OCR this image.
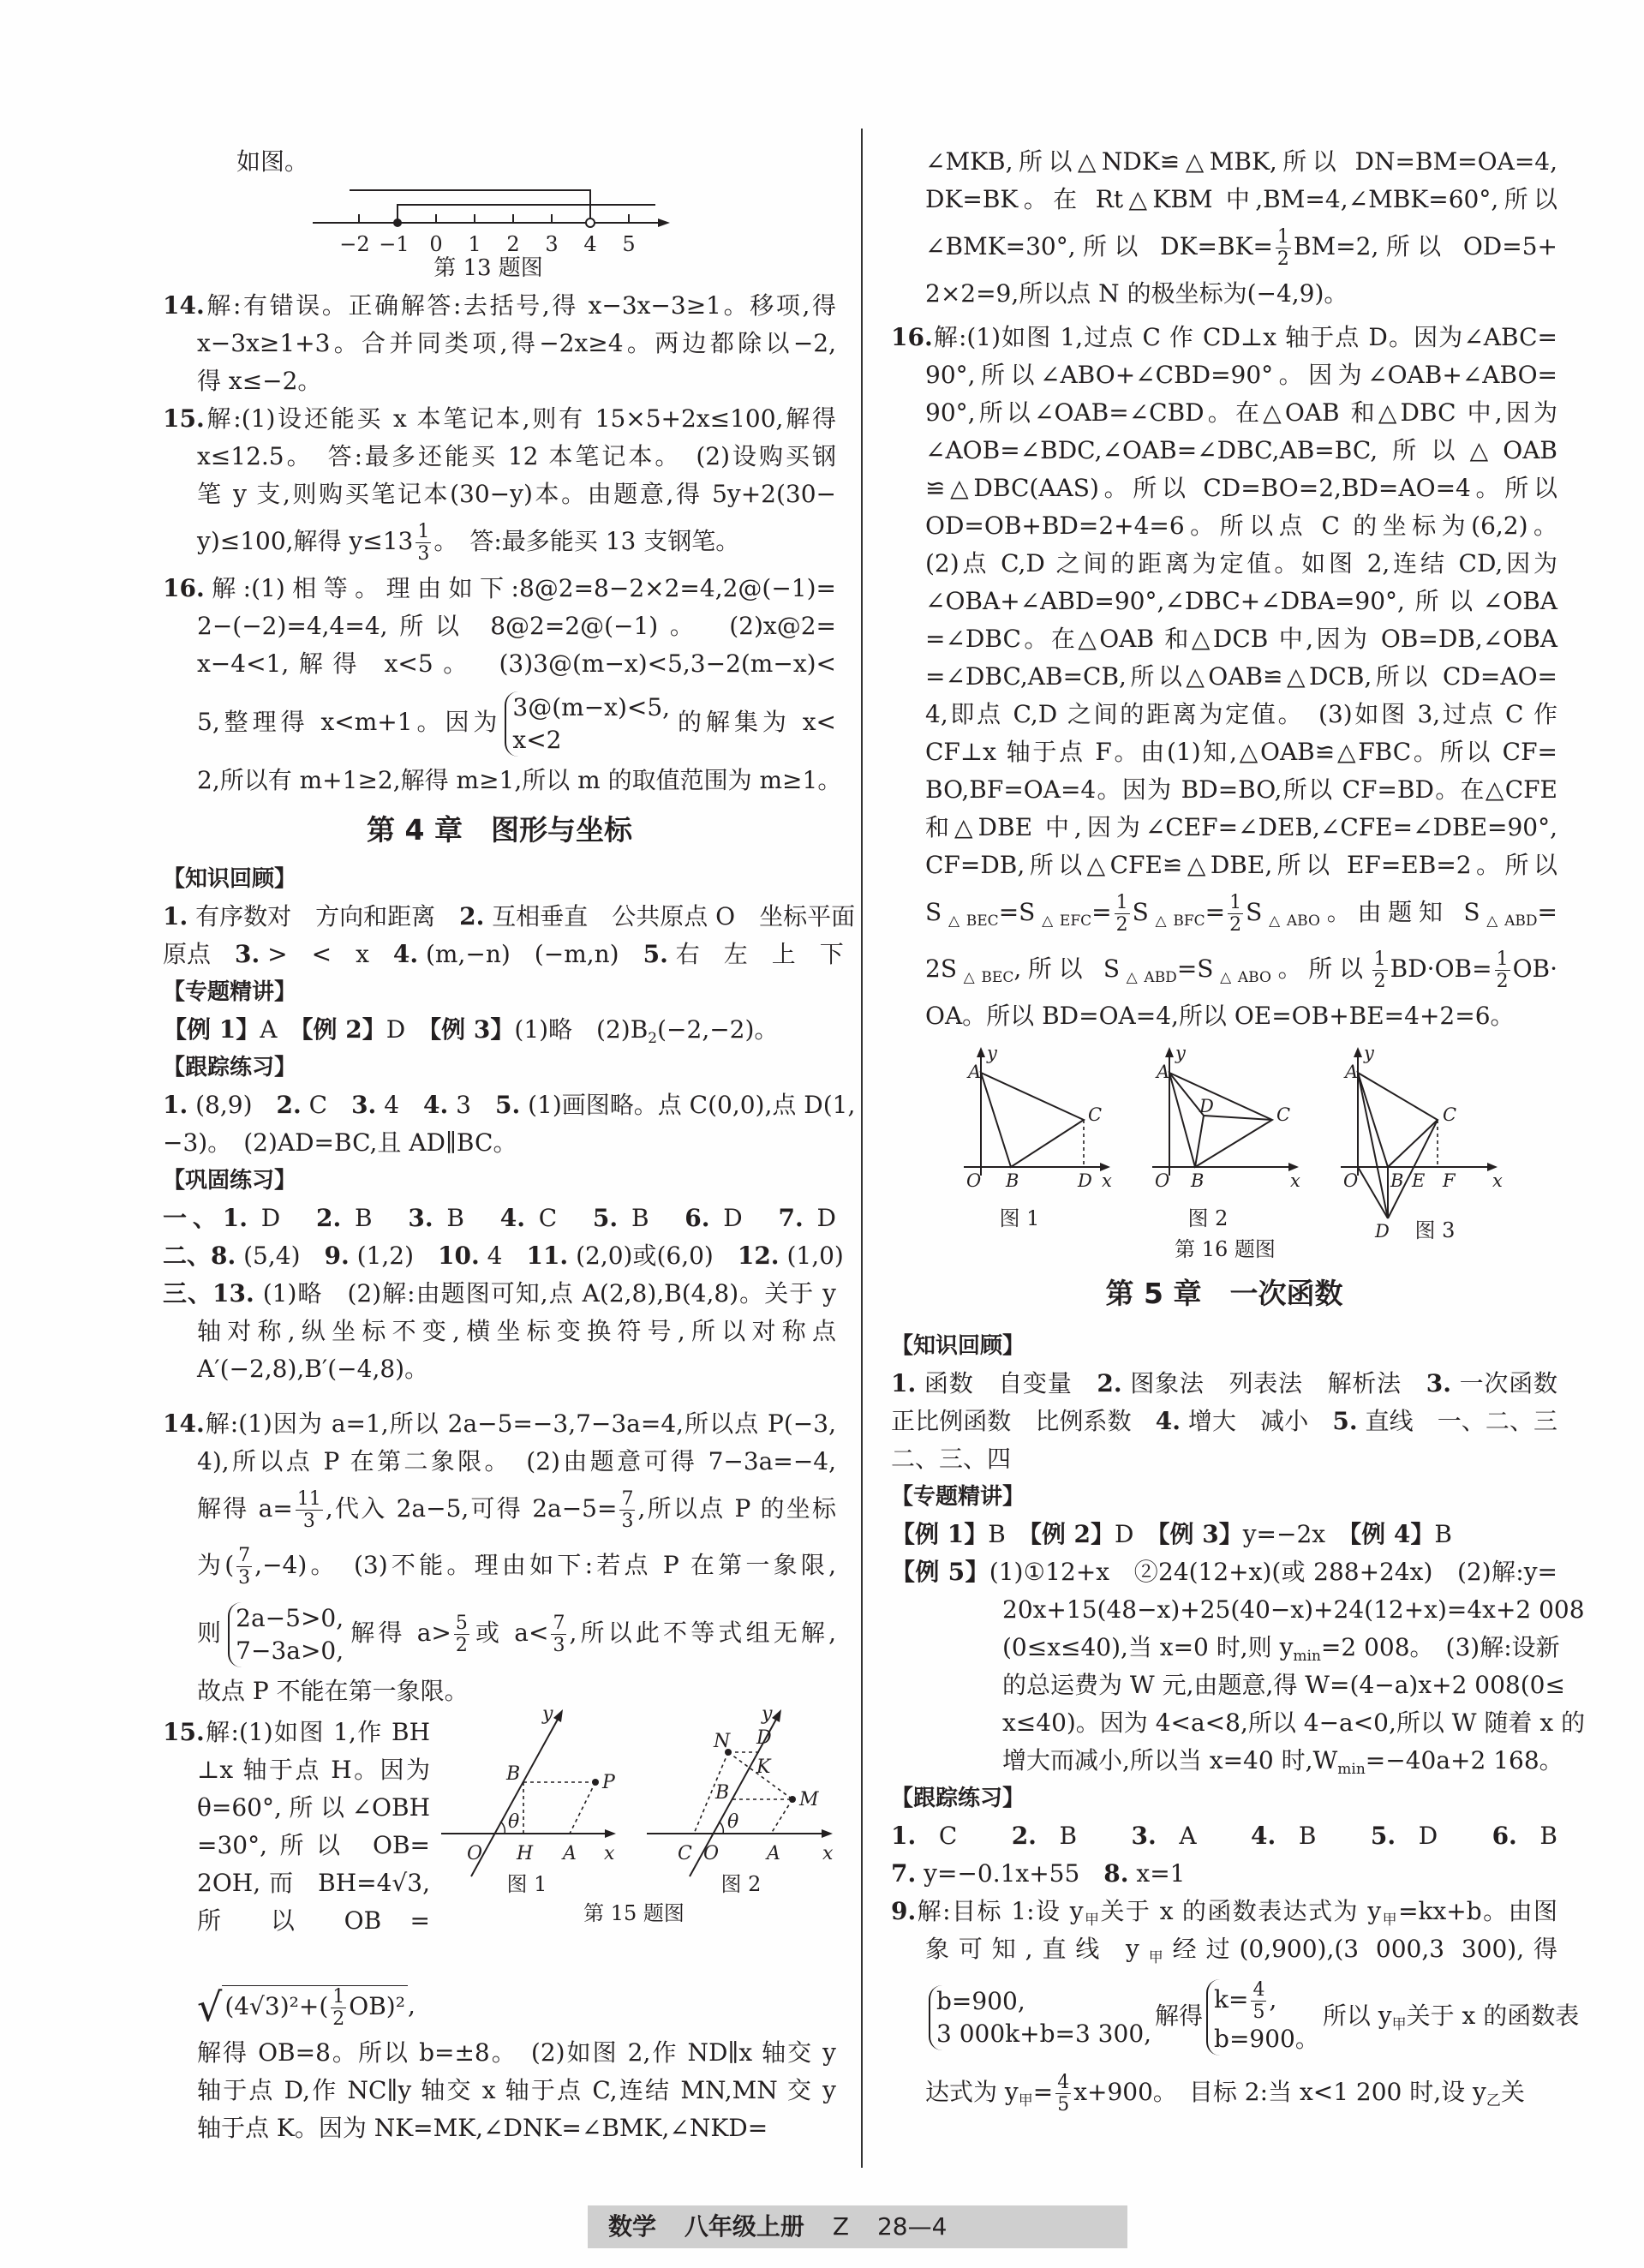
如图。
−2 −1 0 1 2 3 4 5
第 13 题图
14.解:有错误。正确解答:去括号,得 x−3x−3≥1。移项,得
x−3x≥1+3。合并同类项,得−2x≥4。两边都除以−2,
得 x≤−2。
15.解:(1)设还能买 x 本笔记本,则有 15×5+2x≤100,解得
x≤12.5。　答:最多还能买 12 本笔记本。　(2)设购买钢
笔 y 支,则购买笔记本(30−y)本。由题意,得 5y+2(30−
y)≤100,解得 $y\le 13 \frac{1}{3}$ 。　答:最多能买 13 支钢笔。
16.解:(1)相等。理由如下:8@2=8−2×2=4,2@(−1)=
2−(−2)=4,4=4,所以 8@2=2@(−1)。　(2)x@2=
x−4<1,解得 x<5。　(3)3@(m−x)<5,3−2(m−x)<
5,整理得 x<m+1。因为
3@(m−x)<5,
x<2
的解集为 x<
2,所以有 m+1≥2,解得 m≥1,所以 m 的取值范围为 m≥1。
第 4 章　图形与坐标
【知识回顾】
1. 有序数对　方向和距离　2. 互相垂直　公共原点 O　坐标平面
原点　3. >　<　x　4. (m,−n)　(−m,n)　5. 右　左　上　下
【专题精讲】
【例 1】A　【例 2】D　【例 3】(1)略　$(2)B_2(-2,-2)$。
【跟踪练习】
1. (8,9)　2. C　3. 4　4. 3　5. (1)画图略。点 C(0,0),点 D(1,
−3)。　(2)AD=BC,且 AD∥BC。
【巩固练习】
一、1. D　2. B　3. B　4. C　5. B　6. D　7. D
二、8. (5,4)　9. (1,2)　10. 4　11. (2,0)或(6,0)　12. (1,0)
三、13. (1)略　(2)解:由题图可知,点 A(2,8),B(4,8)。关于 y
轴对称,纵坐标不变,横坐标变换符号,所以对称点
A′(−2,8),B′(−4,8)。
14.解:(1)因为 a=1,所以 2a−5=−3,7−3a=4,所以点 P(−3,
4),所以点 P 在第二象限。　(2)由题意可得 7−3a=−4,
解得 $a= \frac{11}{3}$ ,代入 2a−5,可得 $2a-5= \frac{7}{3}$ ,所以点 P 的坐标
为( $\frac{7}{3} ,-4$)。　(3)不能。理由如下:若点 P 在第一象限,
则
2a−5>0,
7−3a>0,
解得 $a> \frac{5}{2}$ 或 $a< \frac{7}{3}$ ,所以此不等式组无解,
故点 P 不能在第一象限。
15.解:(1)如图 1,作 BH
⊥x 轴于点 H。因为
θ=60°,所以∠OBH
=30°,所以 OB=
2OH,而 BH=4√3,
所 以 OB =
y
B	P
θ
O H A x
y
N D
K
B	M
θ
C O	A x
图 1	图 2
第 15 题图
√ $(4√3)^2+( \frac{1}{2} OB)^2$ ,
解得 OB=8。所以 b=±8。　(2)如图 2,作 ND∥x 轴交 y
轴于点 D,作 NC∥y 轴交 x 轴于点 C,连结 MN,MN 交 y
轴于点 K。因为 NK=MK,∠DNK=∠BMK,∠NKD=
∠MKB,所以△NDK≌△MBK,所以 DN=BM=OA=4,
DK=BK。在 Rt△KBM 中,BM=4,∠MBK=60°,所以
∠BMK=30°,所以 $DK=BK= \frac{1}{2} BM=2$,所以 OD=5+
2×2=9,所以点 N 的极坐标为(−4,9)。
16.解:(1)如图 1,过点 C 作 CD⊥x 轴于点 D。因为∠ABC=
90°,所以∠ABO+∠CBD=90°。因为∠OAB+∠ABO=
90°,所以∠OAB=∠CBD。在△OAB 和△DBC 中,因为
∠AOB=∠BDC,∠OAB=∠DBC,AB=BC,所以△OAB
≌△DBC(AAS)。所以 CD=BO=2,BD=AO=4。所以
OD=OB+BD=2+4=6。所以点 C 的坐标为(6,2)。
(2)点 C,D 之间的距离为定值。如图 2,连结 CD,因为
∠OBA+∠ABD=90°,∠DBC+∠DBA=90°,所以∠OBA
=∠DBC。在△OAB 和△DCB 中,因为 OB=DB,∠OBA
=∠DBC,AB=CB,所以△OAB≌△DCB,所以 CD=AO=
4,即点 C,D 之间的距离为定值。　(3)如图 3,过点 C 作
CF⊥x 轴于点 F。由(1)知,△OAB≌△FBC。所以 CF=
BO,BF=OA=4。因为 BD=BO,所以 CF=BD。在△CFE
和△DBE 中,因为∠CEF=∠DEB,∠CFE=∠DBE=90°,
CF=DB,所以△CFE≌△DBE,所以 EF=EB=2。所以
$S_{\triangle BEC}=S_{\triangle EFC}= \frac{1}{2} S_{\triangle BFC}= \frac{1}{2} S_{\triangle ABO}$。由题知 $S_{\triangle ABD}=$
$2S_{\triangle BEC}$,所以 $S_{\triangle ABD}=S_{\triangle ABO}$。所以 $\frac{1}{2} BD\cdot OB= \frac{1}{2} OB\cdot$
OA。所以 BD=OA=4,所以 OE=OB+BE=4+2=6。
y
A
C
O B	D x
y
A
D	C
O B	x
y
A
C
O B E F x
D
图 1	图 2	图 3
第 16 题图
第 5 章　一次函数
【知识回顾】
1. 函数　自变量　2. 图象法　列表法　解析法　3. 一次函数
正比例函数　比例系数　4. 增大　减小　5. 直线　一、二、三
二、三、四
【专题精讲】
【例 1】B　【例 2】D　【例 3】y=−2x　【例 4】B
【例 5】(1)①12+x　②24(12+x)(或 288+24x)　(2)解:y=
20x+15(48−x)+25(40−x)+24(12+x)=4x+2 008
(0≤x≤40),当 x=0 时,则 $y_{min}=2$ 008。　(3)解:设新
的总运费为 W 元,由题意,得 W=(4−a)x+2 008(0≤
x≤40)。因为 4<a<8,所以 4−a<0,所以 W 随着 x 的
增大而减小,所以当 x=40 时$,W_{min}=-40a+2$ 168。
【跟踪练习】
1. C　2. B　3. A　4. B　5. D　6. B
7. y=−0.1x+55　8. x=1
9.解:目标 1:设 $y_甲$关于 x 的函数表达式为 $y_甲=kx+b$。由图
象可知,直线 $y_甲$经过(0,900),(3 000,3 300),得
b=900,
3 000k+b=3 300,
解得
$k= \frac{4}{5}$ ,
b=900。
所以 $y_甲$关于 x 的函数表
达式为 $y_甲= \frac{4}{5} x+900$。　目标 2:当 x<1 200 时,设 $y_乙$关
数学 八年级上册 Z 28—4
